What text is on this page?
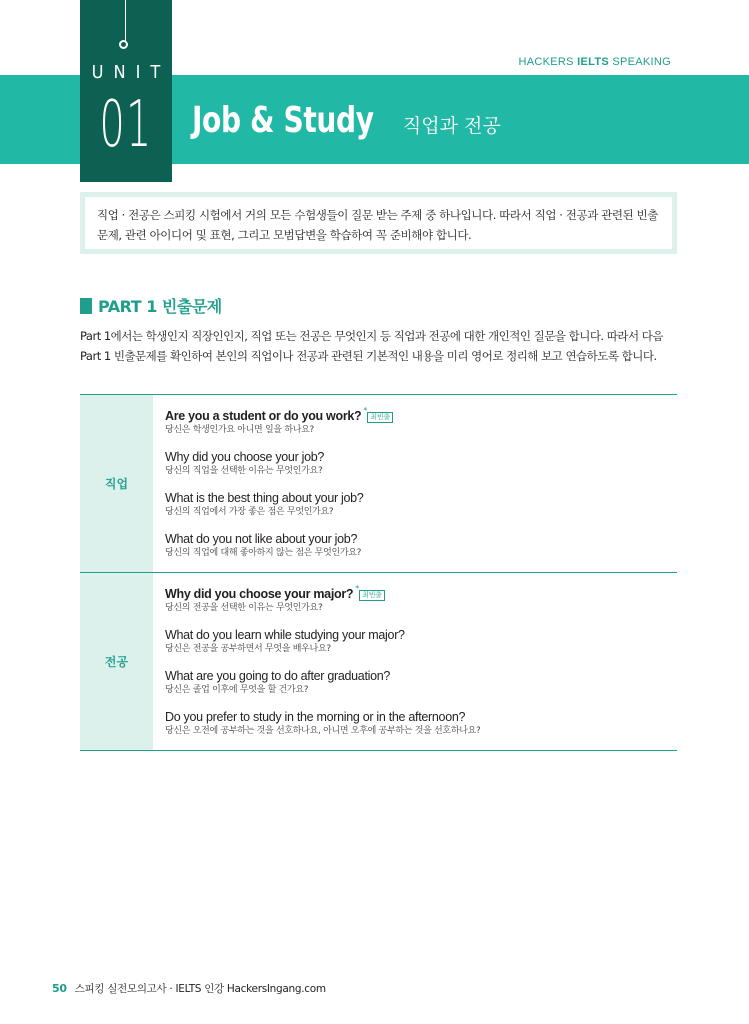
HACKERS IELTS SPEAKING
UNIT
01 Job & Study 직업과 전공
직업 · 전공은 스피킹 시험에서 거의 모든 수험생들이 질문 받는 주제 중 하나입니다. 따라서 직업 · 전공과 관련된 빈출문제, 관련 아이디어 및 표현, 그리고 모범답변을 학습하여 꼭 준비해야 합니다.
PART 1 빈출문제
Part 1에서는 학생인지 직장인인지, 직업 또는 전공은 무엇인지 등 직업과 전공에 대한 개인적인 질문을 합니다. 따라서 다음 Part 1 빈출문제를 확인하여 본인의 직업이나 전공과 관련된 기본적인 내용을 미리 영어로 정리해 보고 연습하도록 합니다.
직업
Are you a student or do you work? *
최빈출
당신은 학생인가요 아니면 일을 하나요?
Why did you choose your job?
당신의 직업을 선택한 이유는 무엇인가요?
What is the best thing about your job?
당신의 직업에서 가장 좋은 점은 무엇인가요?
What do you not like about your job?
당신의 직업에 대해 좋아하지 않는 점은 무엇인가요?
전공
Why did you choose your major? *
최빈출
당신의 전공을 선택한 이유는 무엇인가요?
What do you learn while studying your major?
당신은 전공을 공부하면서 무엇을 배우나요?
What are you going to do after graduation?
당신은 졸업 이후에 무엇을 할 건가요?
Do you prefer to study in the morning or in the afternoon?
당신은 오전에 공부하는 것을 선호하나요, 아니면 오후에 공부하는 것을 선호하나요?
50 스피킹 실전모의고사 · IELTS 인강 HackersIngang.com
